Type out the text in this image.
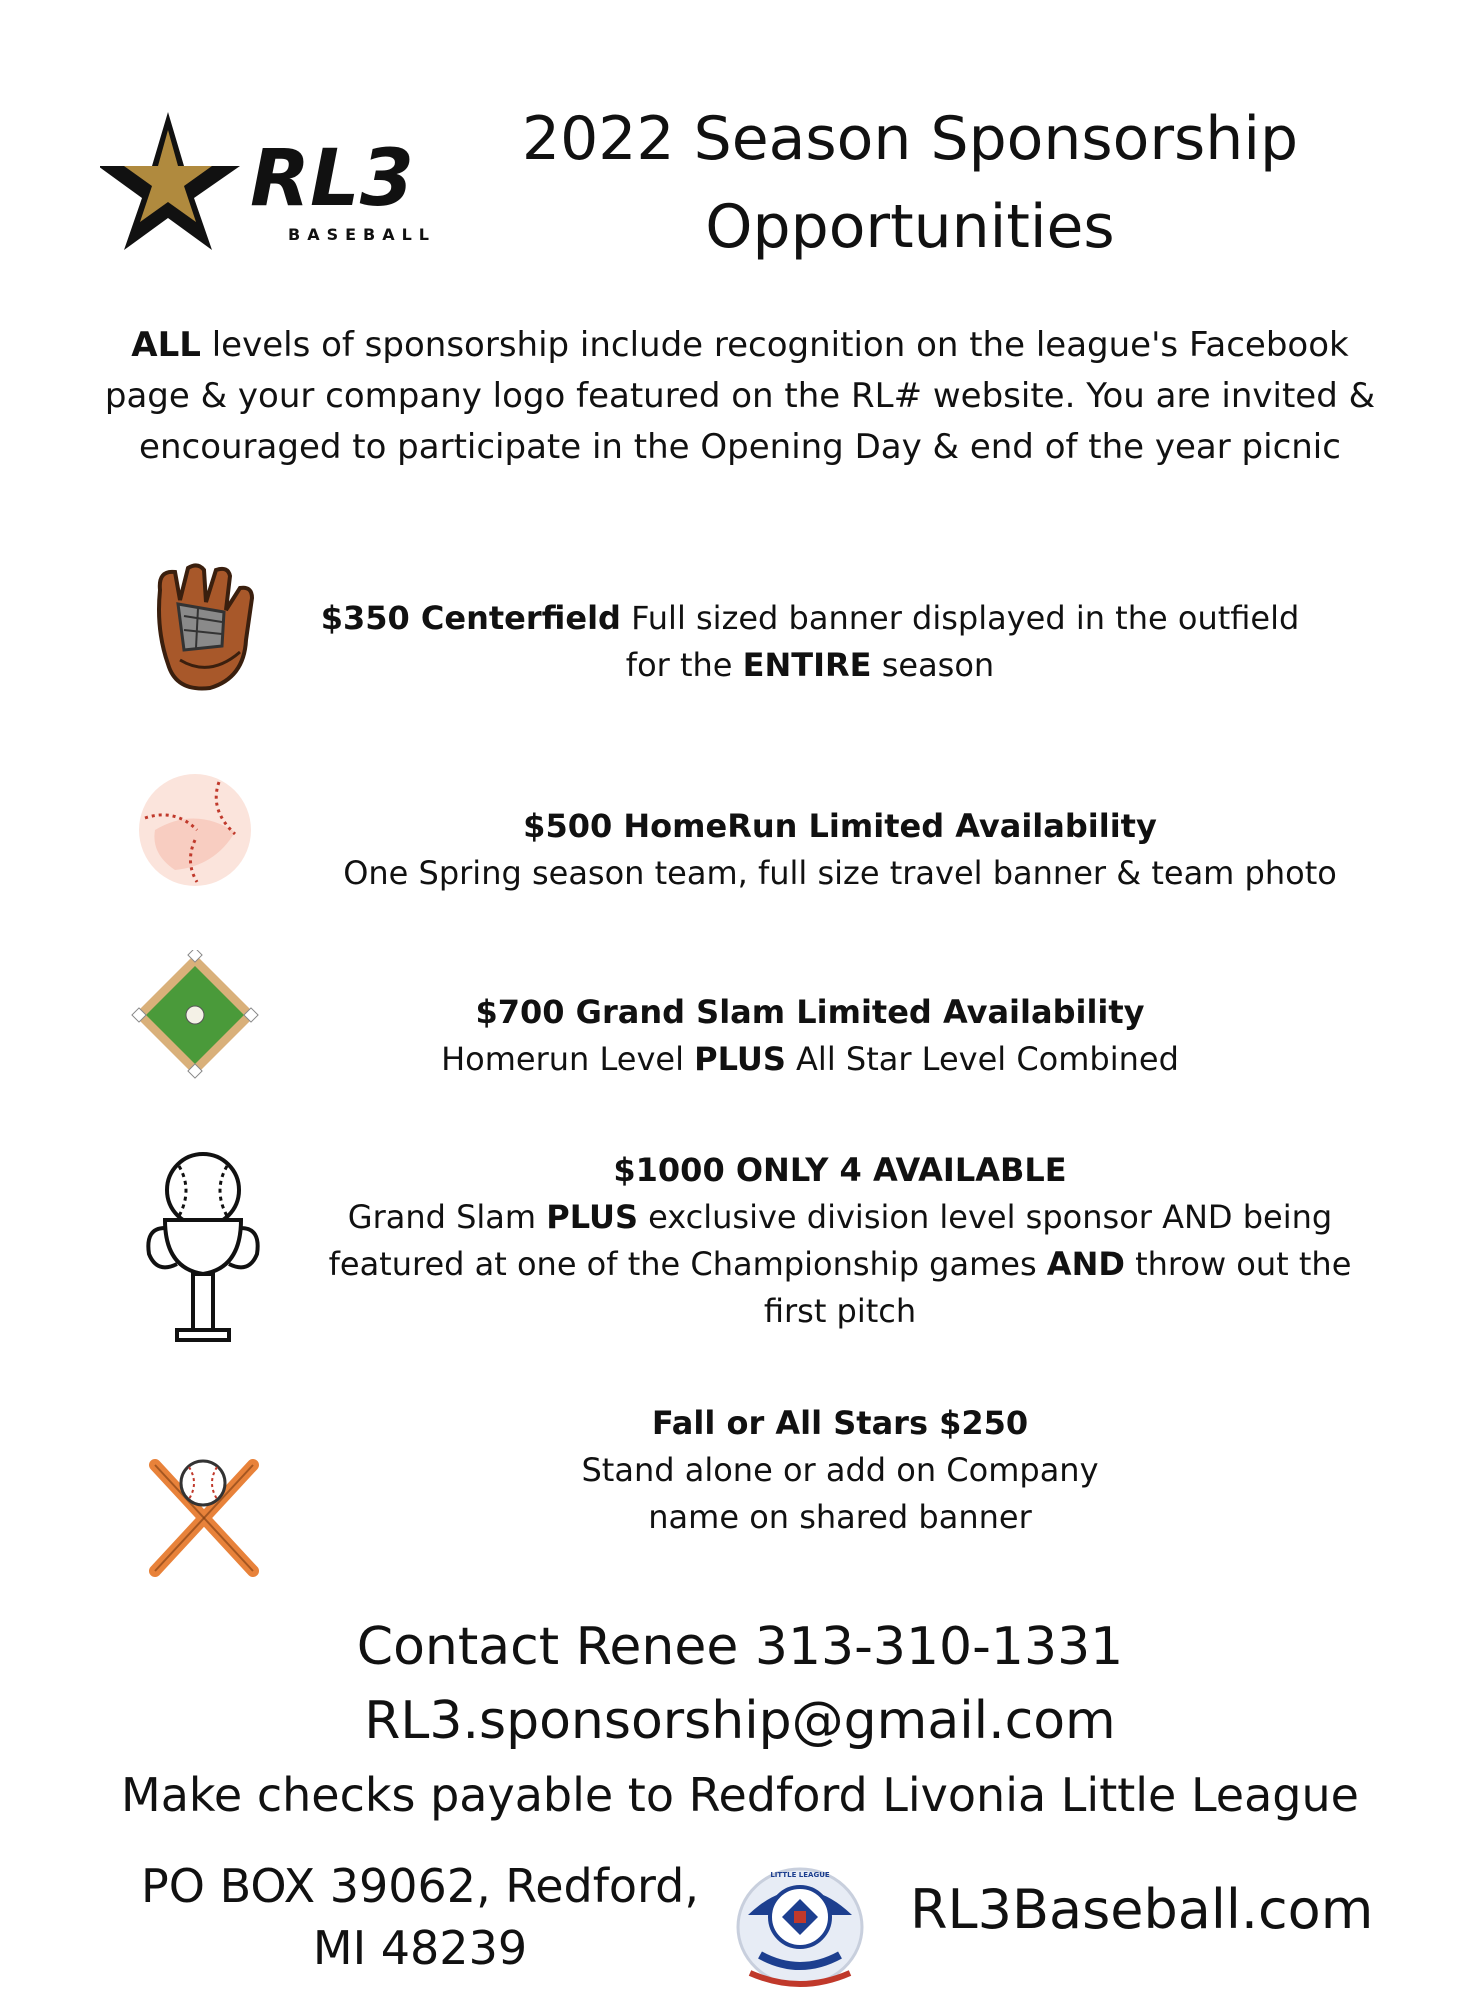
RL3
BASEBALL
2022 Season Sponsorship
Opportunities
ALL levels of sponsorship include recognition on the league's Facebook page & your company logo featured on the RL# website. You are invited & encouraged to participate in the Opening Day & end of the year picnic
$350 Centerfield Full sized banner displayed in the outfield for the ENTIRE season
$500 HomeRun Limited Availability
One Spring season team, full size travel banner & team photo
$700 Grand Slam Limited Availability
Homerun Level PLUS All Star Level Combined
$1000 ONLY 4 AVAILABLE
Grand Slam PLUS exclusive division level sponsor AND being featured at one of the Championship games AND throw out the first pitch
Fall or All Stars $250
Stand alone or add on Company
name on shared banner
Contact Renee 313-310-1331
RL3.sponsorship@gmail.com
Make checks payable to Redford Livonia Little League
PO BOX 39062, Redford,
MI 48239
LITTLE LEAGUE
RL3Baseball.com
